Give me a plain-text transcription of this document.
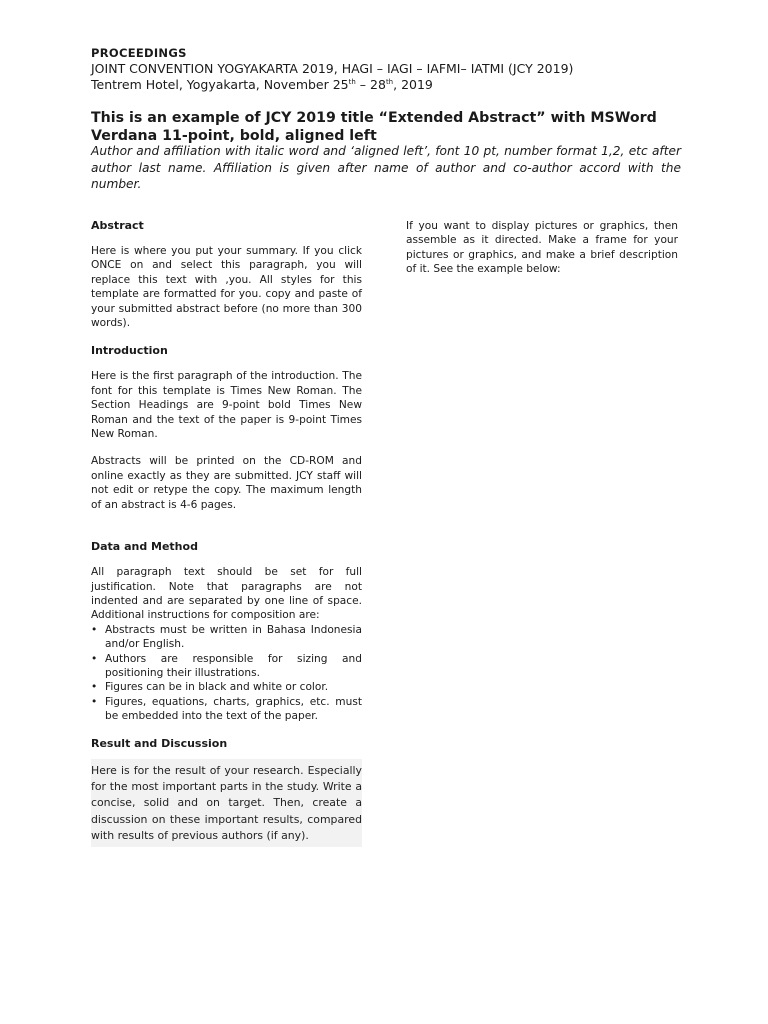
PROCEEDINGS
JOINT CONVENTION YOGYAKARTA 2019, HAGI – IAGI – IAFMI– IATMI (JCY 2019)
Tentrem Hotel, Yogyakarta, November 25th – 28th, 2019
This is an example of JCY 2019 title “Extended Abstract” with MSWord Verdana 11-point, bold, aligned left
Author and affiliation with italic word and ‘aligned left’, font 10 pt, number format 1,2, etc after author last name. Affiliation is given after name of author and co-author accord with the number.

Abstract

Here is where you put your summary. If you click ONCE on and select this paragraph, you will replace this text with ,you. All styles for this template are formatted for you. copy and paste of your submitted abstract before (no more than 300 words).

Introduction

Here is the first paragraph of the introduction. The font for this template is Times New Roman. The Section Headings are 9-point bold Times New Roman and the text of the paper is 9-point Times New Roman.

Abstracts will be printed on the CD-ROM and online exactly as they are submitted. JCY staff will not edit or retype the copy. The maximum length of an abstract is 4-6 pages.

Data and Method

All paragraph text should be set for full justification. Note that paragraphs are not indented and are separated by one line of space. Additional instructions for composition are:

• Abstracts must be written in Bahasa Indonesia and/or English.
• Authors are responsible for sizing and positioning their illustrations.
• Figures can be in black and white or color.
• Figures, equations, charts, graphics, etc. must be embedded into the text of the paper.

Result and Discussion

Here is for the result of your research. Especially for the most important parts in the study. Write a concise, solid and on target. Then, create a discussion on these important results, compared with results of previous authors (if any).

If you want to display pictures or graphics, then assemble as it directed. Make a frame for your pictures or graphics, and make a brief description of it. See the example below:
